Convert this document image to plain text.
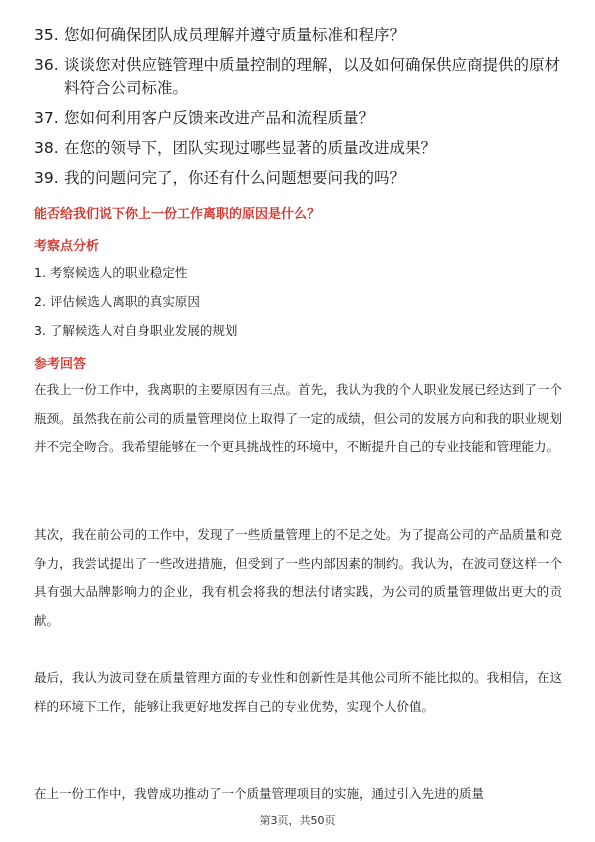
35. 您如何确保团队成员理解并遵守质量标准和程序？
36. 谈谈您对供应链管理中质量控制的理解，以及如何确保供应商提供的原材料符合公司标准。
37. 您如何利用客户反馈来改进产品和流程质量？
38. 在您的领导下，团队实现过哪些显著的质量改进成果？
39. 我的问题问完了，你还有什么问题想要问我的吗？
能否给我们说下你上一份工作离职的原因是什么？
考察点分析
1. 考察候选人的职业稳定性
2. 评估候选人离职的真实原因
3. 了解候选人对自身职业发展的规划
参考回答
在我上一份工作中，我离职的主要原因有三点。首先，我认为我的个人职业发展已经达到了一个瓶颈。虽然我在前公司的质量管理岗位上取得了一定的成绩，但公司的发展方向和我的职业规划并不完全吻合。我希望能够在一个更具挑战性的环境中，不断提升自己的专业技能和管理能力。
其次，我在前公司的工作中，发现了一些质量管理上的不足之处。为了提高公司的产品质量和竞争力，我尝试提出了一些改进措施，但受到了一些内部因素的制约。我认为，在波司登这样一个具有强大品牌影响力的企业，我有机会将我的想法付诸实践，为公司的质量管理做出更大的贡献。
最后，我认为波司登在质量管理方面的专业性和创新性是其他公司所不能比拟的。我相信，在这样的环境下工作，能够让我更好地发挥自己的专业优势，实现个人价值。
在上一份工作中，我曾成功推动了一个质量管理项目的实施，通过引入先进的质量
第3页，共50页
